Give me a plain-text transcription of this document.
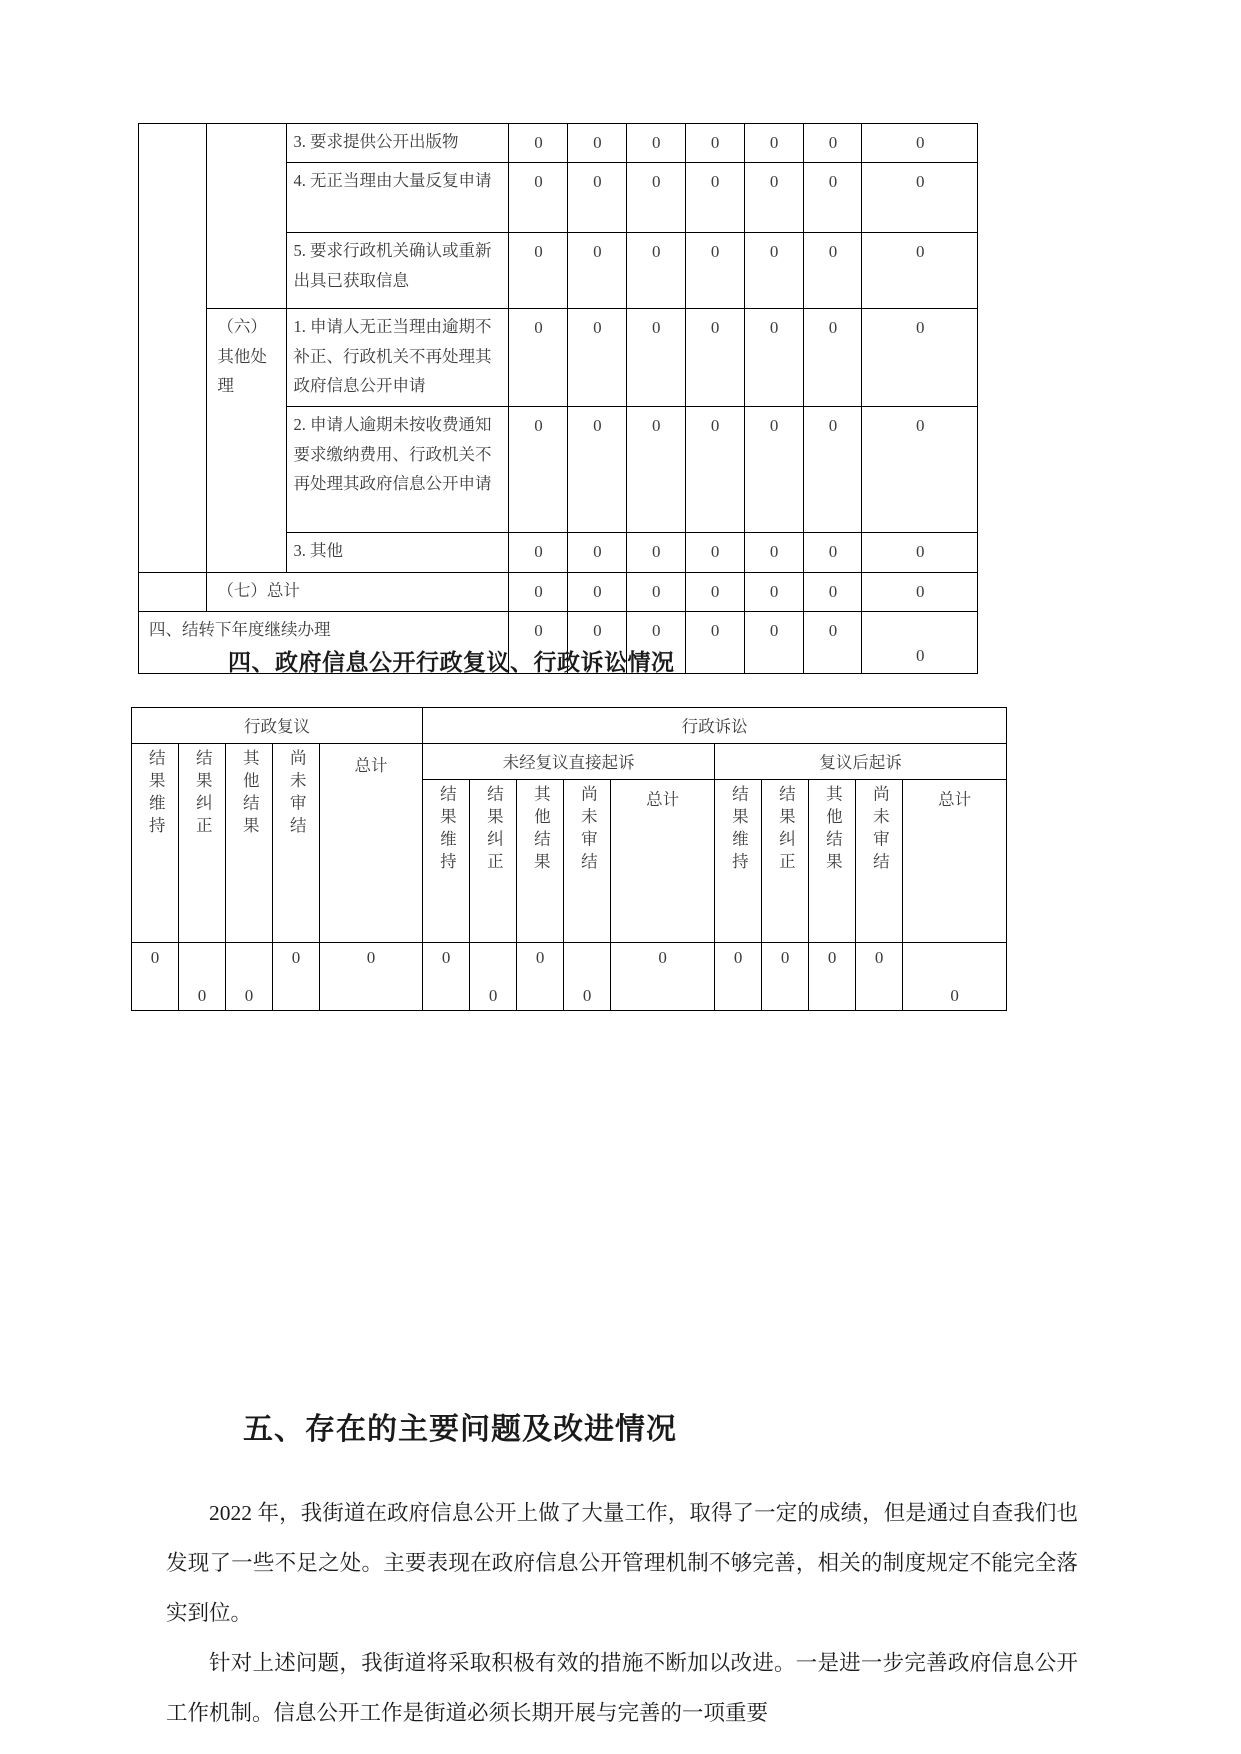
		3. 要求提供公开出版物	0	0	0	0	0	0	0
		4. 无正当理由大量反复申请	0	0	0	0	0	0	0
		5. 要求行政机关确认或重新出具已获取信息	0	0	0	0	0	0	0
	（六）其他处理	1. 申请人无正当理由逾期不补正、行政机关不再处理其政府信息公开申请	0	0	0	0	0	0	0
		2. 申请人逾期未按收费通知要求缴纳费用、行政机关不再处理其政府信息公开申请	0	0	0	0	0	0	0
		3. 其他	0	0	0	0	0	0	0
	（七）总计		0	0	0	0	0	0	0
四、结转下年度继续办理			0	0	0	0	0	0	0
四、政府信息公开行政复议、行政诉讼情况
行政复议					行政诉讼									
结果维持	结果纠正	其他结果	尚未审结	总计	未经复议直接起诉					复议后起诉				
					结果维持	结果纠正	其他结果	尚未审结	总计	结果维持	结果纠正	其他结果	尚未审结	总计
0	0	0	0	0	0	0	0	0	0	0	0	0	0	0
五、存在的主要问题及改进情况

2022 年，我街道在政府信息公开上做了大量工作，取得了一定的成绩，但是通过自查我们也发现了一些不足之处。主要表现在政府信息公开管理机制不够完善，相关的制度规定不能完全落实到位。

针对上述问题，我街道将采取积极有效的措施不断加以改进。一是进一步完善政府信息公开工作机制。信息公开工作是街道必须长期开展与完善的一项重要
